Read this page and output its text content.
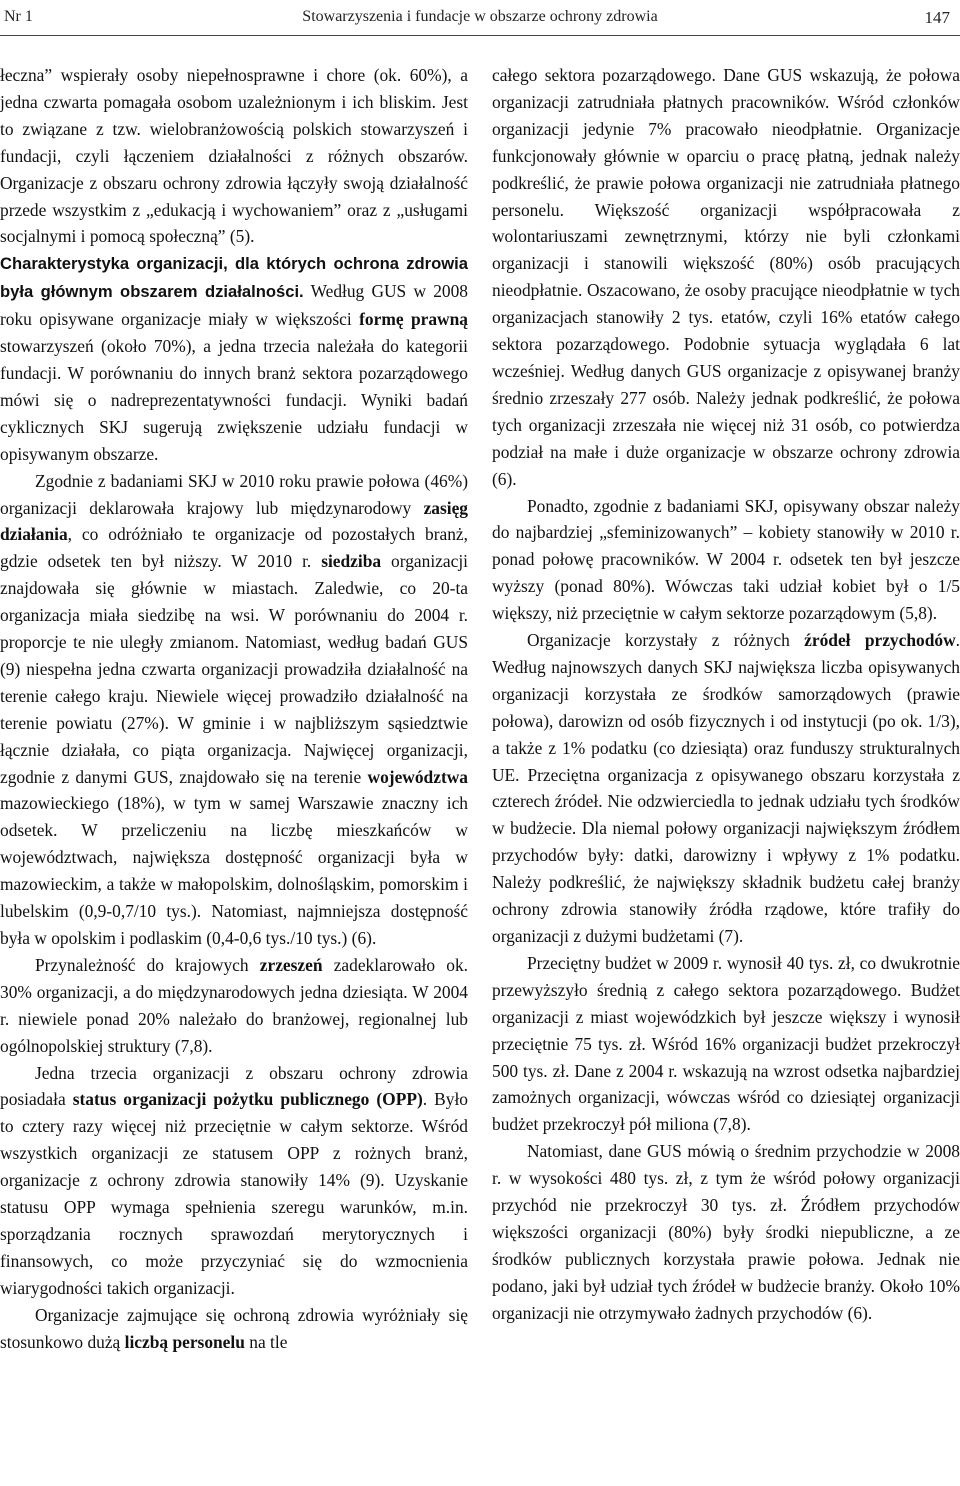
Nr 1	Stowarzyszenia i fundacje w obszarze ochrony zdrowia	147

łeczna” wspierały osoby niepełnosprawne i chore (ok. 60%), a jedna czwarta pomagała osobom uzależnionym i ich bliskim. Jest to związane z tzw. wielobranżowością polskich stowarzyszeń i fundacji, czyli łączeniem działalności z różnych obszarów. Organizacje z obszaru ochrony zdrowia łączyły swoją działalność przede wszystkim z „edukacją i wychowaniem” oraz z „usługami socjalnymi i pomocą społeczną” (5).

Charakterystyka organizacji, dla których ochrona zdrowia była głównym obszarem działalności. Według GUS w 2008 roku opisywane organizacje miały w większości formę prawną stowarzyszeń (około 70%), a jedna trzecia należała do kategorii fundacji. W porównaniu do innych branż sektora pozarządowego mówi się o nadreprezentatywności fundacji. Wyniki badań cyklicznych SKJ sugerują zwiększenie udziału fundacji w opisywanym obszarze.

Zgodnie z badaniami SKJ w 2010 roku prawie połowa (46%) organizacji deklarowała krajowy lub międzynarodowy zasięg działania, co odróżniało te organizacje od pozostałych branż, gdzie odsetek ten był niższy. W 2010 r. siedziba organizacji znajdowała się głównie w miastach. Zaledwie, co 20-ta organizacja miała siedzibę na wsi. W porównaniu do 2004 r. proporcje te nie uległy zmianom. Natomiast, według badań GUS (9) niespełna jedna czwarta organizacji prowadziła działalność na terenie całego kraju. Niewiele więcej prowadziło działalność na terenie powiatu (27%). W gminie i w najbliższym sąsiedztwie łącznie działała, co piąta organizacja. Najwięcej organizacji, zgodnie z danymi GUS, znajdowało się na terenie województwa mazowieckiego (18%), w tym w samej Warszawie znaczny ich odsetek. W przeliczeniu na liczbę mieszkańców w województwach, największa dostępność organizacji była w mazowieckim, a także w małopolskim, dolnośląskim, pomorskim i lubelskim (0,9-0,7/10 tys.). Natomiast, najmniejsza dostępność była w opolskim i podlaskim (0,4-0,6 tys./10 tys.) (6).

Przynależność do krajowych zrzeszeń zadeklarowało ok. 30% organizacji, a do międzynarodowych jedna dziesiąta. W 2004 r. niewiele ponad 20% należało do branżowej, regionalnej lub ogólnopolskiej struktury (7,8).

Jedna trzecia organizacji z obszaru ochrony zdrowia posiadała status organizacji pożytku publicznego (OPP). Było to cztery razy więcej niż przeciętnie w całym sektorze. Wśród wszystkich organizacji ze statusem OPP z rożnych branż, organizacje z ochrony zdrowia stanowiły 14% (9). Uzyskanie statusu OPP wymaga spełnienia szeregu warunków, m.in. sporządzania rocznych sprawozdań merytorycznych i finansowych, co może przyczyniać się do wzmocnienia wiarygodności takich organizacji.

Organizacje zajmujące się ochroną zdrowia wyróżniały się stosunkowo dużą liczbą personelu na tle

całego sektora pozarządowego. Dane GUS wskazują, że połowa organizacji zatrudniała płatnych pracowników. Wśród członków organizacji jedynie 7% pracowało nieodpłatnie. Organizacje funkcjonowały głównie w oparciu o pracę płatną, jednak należy podkreślić, że prawie połowa organizacji nie zatrudniała płatnego personelu. Większość organizacji współpracowała z wolontariuszami zewnętrznymi, którzy nie byli członkami organizacji i stanowili większość (80%) osób pracujących nieodpłatnie. Oszacowano, że osoby pracujące nieodpłatnie w tych organizacjach stanowiły 2 tys. etatów, czyli 16% etatów całego sektora pozarządowego. Podobnie sytuacja wyglądała 6 lat wcześniej. Według danych GUS organizacje z opisywanej branży średnio zrzeszały 277 osób. Należy jednak podkreślić, że połowa tych organizacji zrzeszała nie więcej niż 31 osób, co potwierdza podział na małe i duże organizacje w obszarze ochrony zdrowia (6).

Ponadto, zgodnie z badaniami SKJ, opisywany obszar należy do najbardziej „sfeminizowanych” – kobiety stanowiły w 2010 r. ponad połowę pracowników. W 2004 r. odsetek ten był jeszcze wyższy (ponad 80%). Wówczas taki udział kobiet był o 1/5 większy, niż przeciętnie w całym sektorze pozarządowym (5,8).

Organizacje korzystały z różnych źródeł przychodów. Według najnowszych danych SKJ największa liczba opisywanych organizacji korzystała ze środków samorządowych (prawie połowa), darowizn od osób fizycznych i od instytucji (po ok. 1/3), a także z 1% podatku (co dziesiąta) oraz funduszy strukturalnych UE. Przeciętna organizacja z opisywanego obszaru korzystała z czterech źródeł. Nie odzwierciedla to jednak udziału tych środków w budżecie. Dla niemal połowy organizacji największym źródłem przychodów były: datki, darowizny i wpływy z 1% podatku. Należy podkreślić, że największy składnik budżetu całej branży ochrony zdrowia stanowiły źródła rządowe, które trafiły do organizacji z dużymi budżetami (7).

Przeciętny budżet w 2009 r. wynosił 40 tys. zł, co dwukrotnie przewyższyło średnią z całego sektora pozarządowego. Budżet organizacji z miast wojewódzkich był jeszcze większy i wynosił przeciętnie 75 tys. zł. Wśród 16% organizacji budżet przekroczył 500 tys. zł. Dane z 2004 r. wskazują na wzrost odsetka najbardziej zamożnych organizacji, wówczas wśród co dziesiątej organizacji budżet przekroczył pół miliona (7,8).

Natomiast, dane GUS mówią o średnim przychodzie w 2008 r. w wysokości 480 tys. zł, z tym że wśród połowy organizacji przychód nie przekroczył 30 tys. zł. Źródłem przychodów większości organizacji (80%) były środki niepubliczne, a ze środków publicznych korzystała prawie połowa. Jednak nie podano, jaki był udział tych źródeł w budżecie branży. Około 10% organizacji nie otrzymywało żadnych przychodów (6).
